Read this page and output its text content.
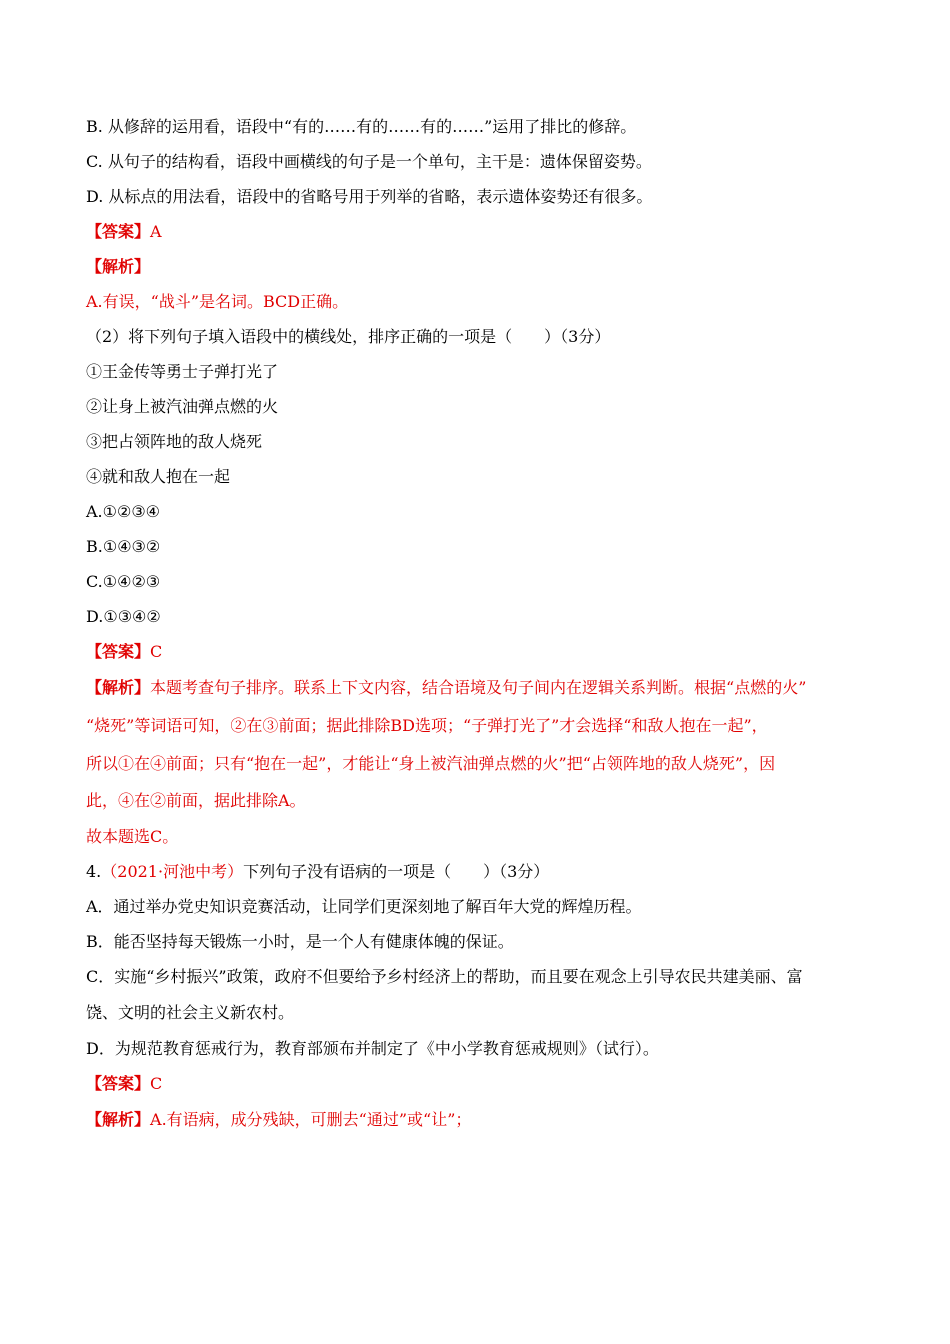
B. 从修辞的运用看，语段中“有的……有的……有的……”运用了排比的修辞。
C. 从句子的结构看，语段中画横线的句子是一个单句，主干是：遗体保留姿势。
D. 从标点的用法看，语段中的省略号用于列举的省略，表示遗体姿势还有很多。
【答案】A
【解析】
A.有误，“战斗”是名词。BCD正确。
（2）将下列句子填入语段中的横线处，排序正确的一项是（　　）（3分）
①王金传等勇士子弹打光了
②让身上被汽油弹点燃的火
③把占领阵地的敌人烧死
④就和敌人抱在一起
A.①②③④
B.①④③②
C.①④②③
D.①③④②
【答案】C
【解析】本题考查句子排序。联系上下文内容，结合语境及句子间内在逻辑关系判断。根据“点燃的火”
“烧死”等词语可知，②在③前面；据此排除BD选项；“子弹打光了”才会选择“和敌人抱在一起”，
所以①在④前面；只有“抱在一起”，才能让“身上被汽油弹点燃的火”把“占领阵地的敌人烧死”，因
此，④在②前面，据此排除A。
故本题选C。
4.（2021·河池中考）下列句子没有语病的一项是（　　）（3分）
A．通过举办党史知识竞赛活动，让同学们更深刻地了解百年大党的辉煌历程。
B．能否坚持每天锻炼一小时，是一个人有健康体魄的保证。
C．实施“乡村振兴”政策，政府不但要给予乡村经济上的帮助，而且要在观念上引导农民共建美丽、富
饶、文明的社会主义新农村。
D．为规范教育惩戒行为，教育部颁布并制定了《中小学教育惩戒规则》（试行）。
【答案】C
【解析】A.有语病，成分残缺，可删去“通过”或“让”；
